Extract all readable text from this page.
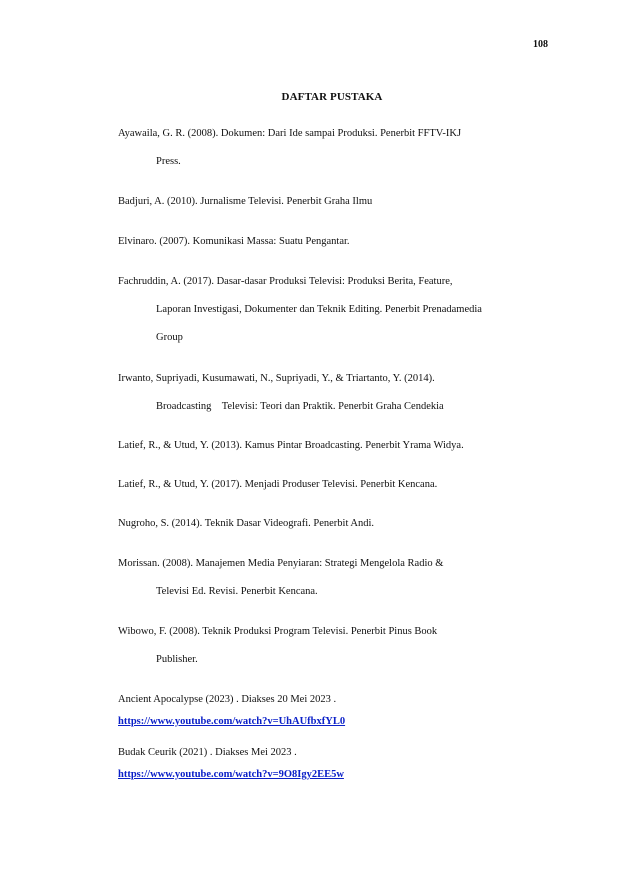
108
DAFTAR PUSTAKA
Ayawaila, G. R. (2008). Dokumen: Dari Ide sampai Produksi. Penerbit FFTV-IKJ
Press.
Badjuri, A. (2010). Jurnalisme Televisi. Penerbit Graha Ilmu
Elvinaro. (2007). Komunikasi Massa: Suatu Pengantar.
Fachruddin, A. (2017). Dasar-dasar Produksi Televisi: Produksi Berita, Feature,
Laporan Investigasi, Dokumenter dan Teknik Editing. Penerbit Prenadamedia
Group
Irwanto, Supriyadi, Kusumawati, N., Supriyadi, Y., & Triartanto, Y. (2014).
Broadcasting    Televisi: Teori dan Praktik. Penerbit Graha Cendekia
Latief, R., & Utud, Y. (2013). Kamus Pintar Broadcasting. Penerbit Yrama Widya.
Latief, R., & Utud, Y. (2017). Menjadi Produser Televisi. Penerbit Kencana.
Nugroho, S. (2014). Teknik Dasar Videografi. Penerbit Andi.
Morissan. (2008). Manajemen Media Penyiaran: Strategi Mengelola Radio &
Televisi Ed. Revisi. Penerbit Kencana.
Wibowo, F. (2008). Teknik Produksi Program Televisi. Penerbit Pinus Book
Publisher.
Ancient Apocalypse (2023) . Diakses 20 Mei 2023 .
https://www.youtube.com/watch?v=UhAUfbxfYL0
Budak Ceurik (2021) . Diakses Mei 2023 .
https://www.youtube.com/watch?v=9O8Igy2EE5w
